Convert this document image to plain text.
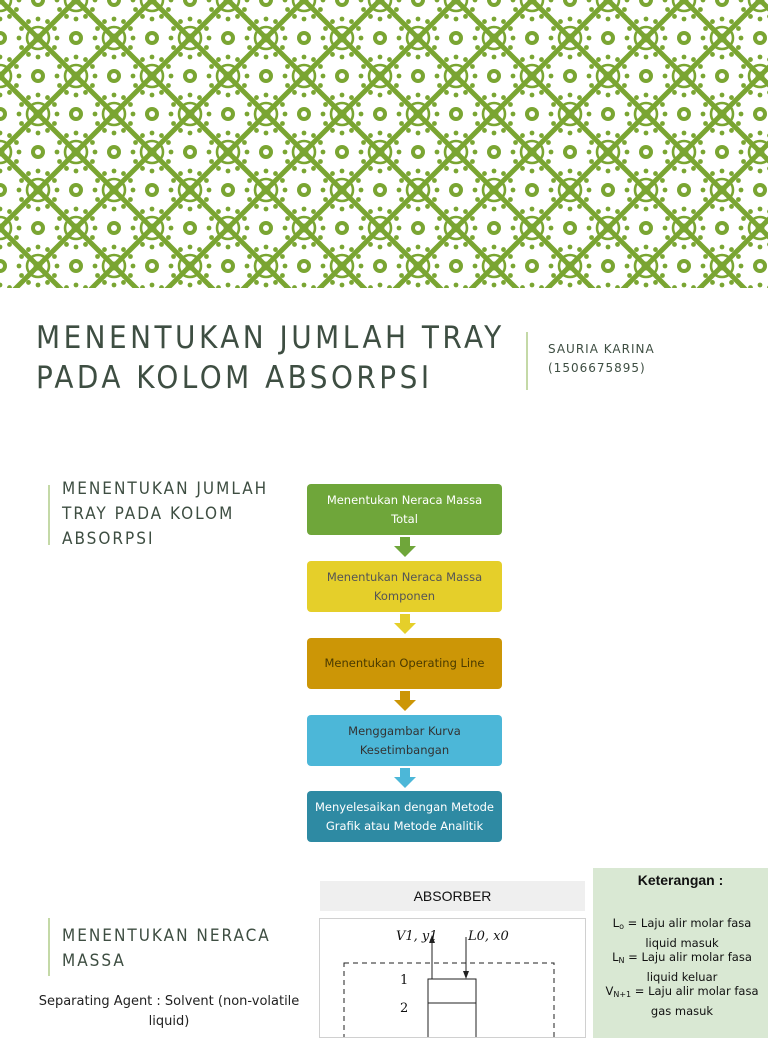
MENENTUKAN JUMLAH TRAY PADA KOLOM ABSORPSI
SAURIA KARINA
(1506675895)
MENENTUKAN JUMLAH TRAY PADA KOLOM ABSORPSI
Menentukan Neraca Massa Total
Menentukan Neraca Massa Komponen
Menentukan Operating Line
Menggambar Kurva Kesetimbangan
Menyelesaikan dengan Metode Grafik atau Metode Analitik
MENENTUKAN NERACA MASSA
Separating Agent : Solvent (non-volatile liquid)
ABSORBER
V1, y1 L0, x0
1
2
Keterangan :
$L_o$ = Laju alir molar fasa liquid masuk
$L_N$ = Laju alir molar fasa liquid keluar
$V_{N+1}$ = Laju alir molar fasa gas masuk
